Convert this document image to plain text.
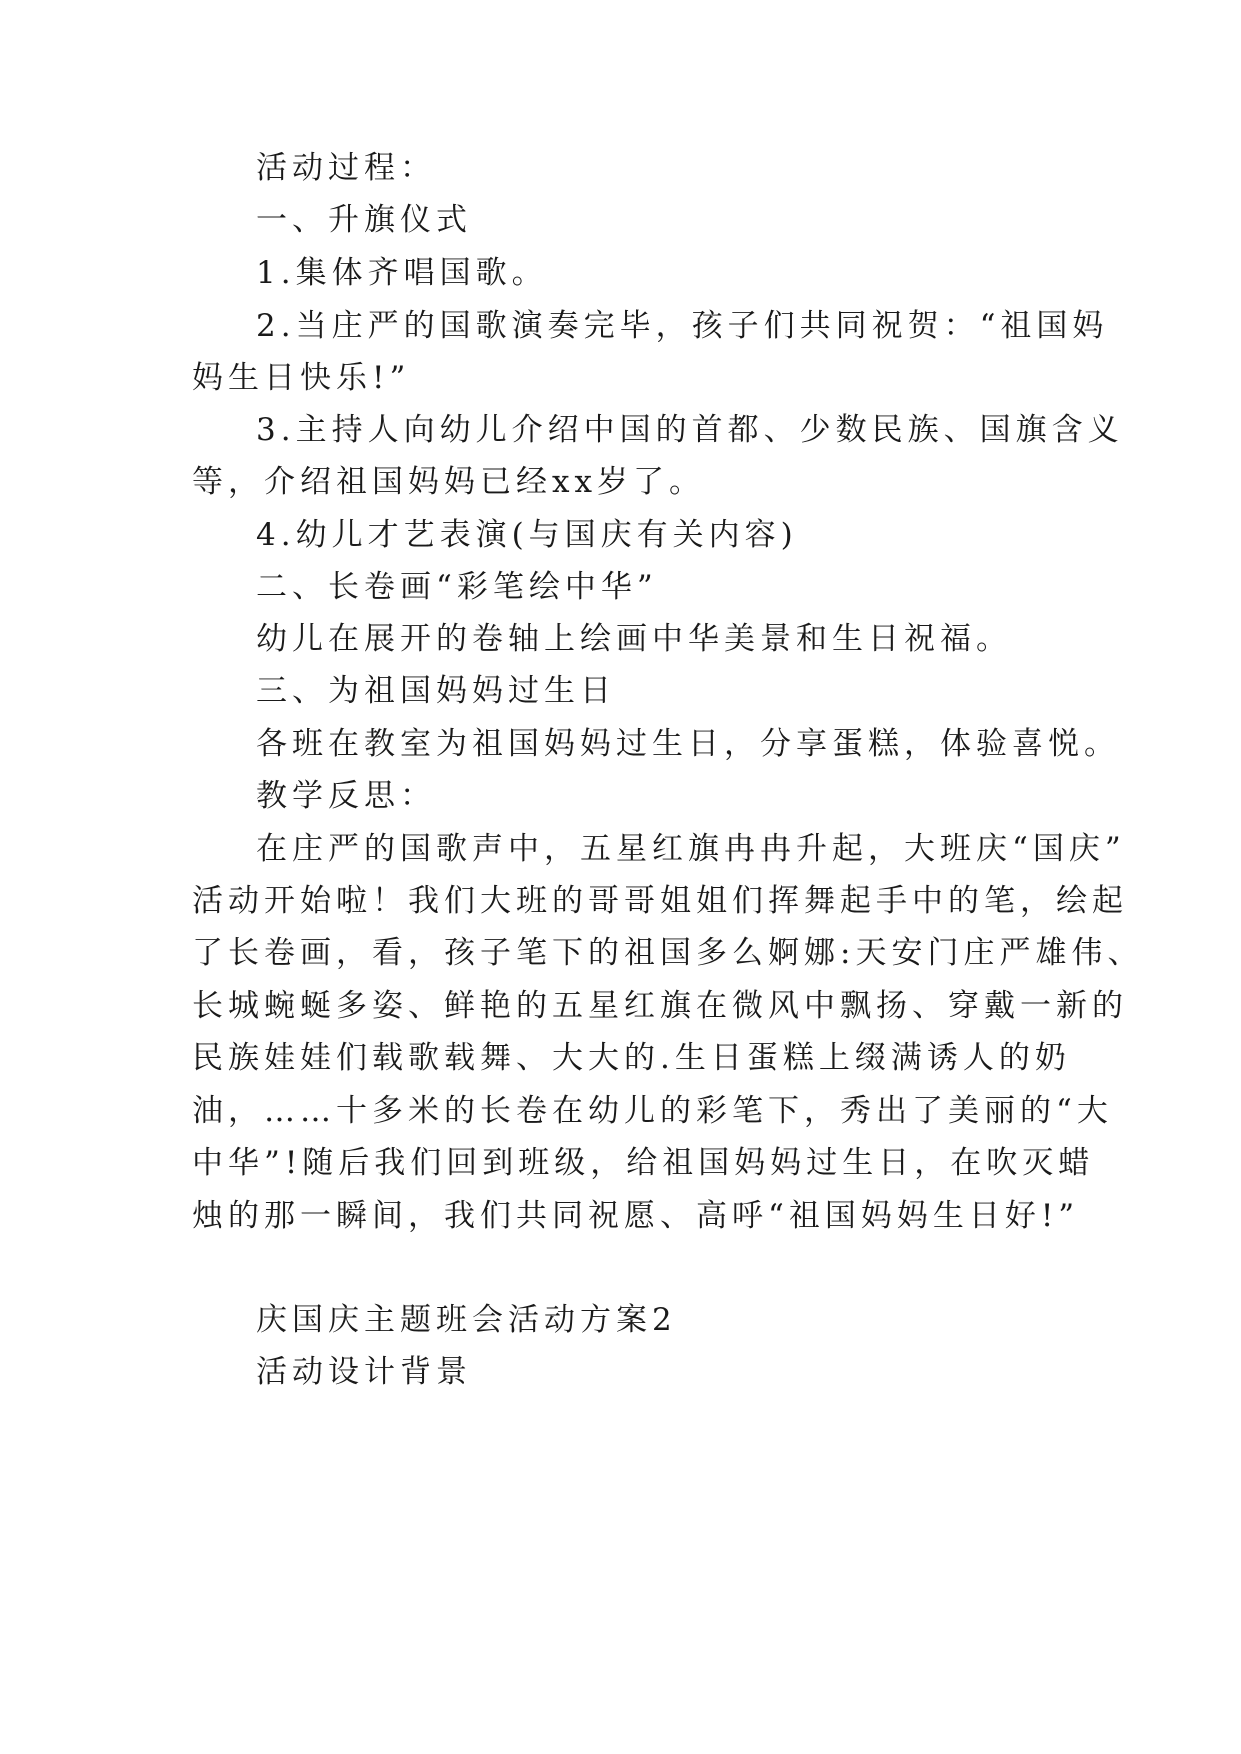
活动过程：
一、升旗仪式
1.集体齐唱国歌。
2.当庄严的国歌演奏完毕，孩子们共同祝贺：“祖国妈
妈生日快乐!”
3.主持人向幼儿介绍中国的首都、少数民族、国旗含义
等，介绍祖国妈妈已经xx岁了。
4.幼儿才艺表演(与国庆有关内容)
二、长卷画“彩笔绘中华”
幼儿在展开的卷轴上绘画中华美景和生日祝福。
三、为祖国妈妈过生日
各班在教室为祖国妈妈过生日，分享蛋糕，体验喜悦。
教学反思：
在庄严的国歌声中，五星红旗冉冉升起，大班庆“国庆”
活动开始啦！我们大班的哥哥姐姐们挥舞起手中的笔，绘起
了长卷画，看，孩子笔下的祖国多么婀娜:天安门庄严雄伟、
长城蜿蜒多姿、鲜艳的五星红旗在微风中飘扬、穿戴一新的
民族娃娃们载歌载舞、大大的.生日蛋糕上缀满诱人的奶
油，……十多米的长卷在幼儿的彩笔下，秀出了美丽的“大
中华”!随后我们回到班级，给祖国妈妈过生日，在吹灭蜡
烛的那一瞬间，我们共同祝愿、高呼“祖国妈妈生日好!”
庆国庆主题班会活动方案2
活动设计背景
